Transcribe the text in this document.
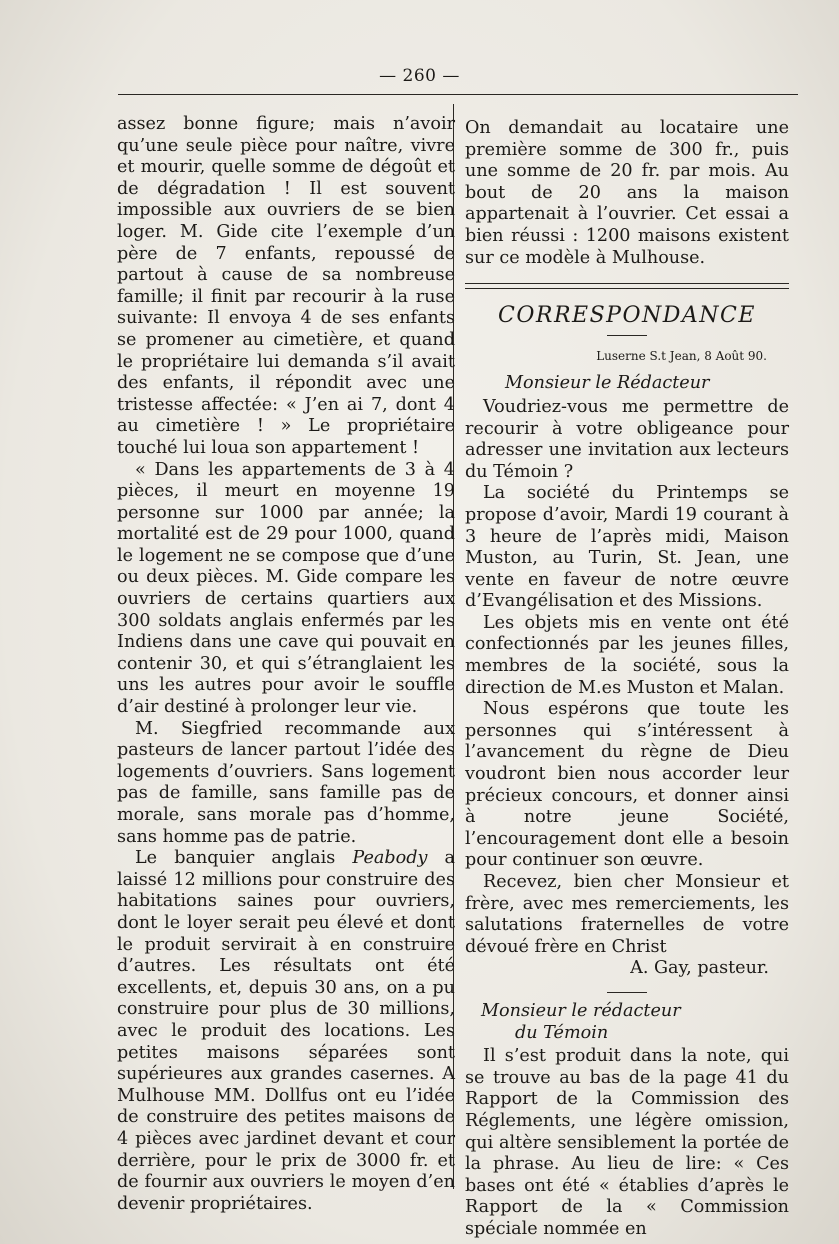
— 260 —

assez bonne figure; mais n’avoir qu’une seule pièce pour naître, vivre et mourir, quelle somme de dégoût et de dégradation ! Il est souvent impossible aux ouvriers de se bien loger. M. Gide cite l’exemple d’un père de 7 enfants, repoussé de partout à cause de sa nombreuse famille; il finit par recourir à la ruse suivante: Il envoya 4 de ses enfants se promener au cimetière, et quand le propriétaire lui demanda s’il avait des enfants, il répondit avec une tristesse affectée: « J’en ai 7, dont 4 au cimetière ! » Le propriétaire touché lui loua son appartement !

« Dans les appartements de 3 à 4 pièces, il meurt en moyenne 19 personne sur 1000 par année; la mortalité est de 29 pour 1000, quand le logement ne se compose que d’une ou deux pièces. M. Gide compare les ouvriers de certains quartiers aux 300 soldats anglais enfermés par les Indiens dans une cave qui pouvait en contenir 30, et qui s’étranglaient les uns les autres pour avoir le souffle d’air destiné à prolonger leur vie.

M. Siegfried recommande aux pasteurs de lancer partout l’idée des logements d’ouvriers. Sans logement pas de famille, sans famille pas de morale, sans morale pas d’homme, sans homme pas de patrie.

Le banquier anglais Peabody a laissé 12 millions pour construire des habitations saines pour ouvriers, dont le loyer serait peu élevé et dont le produit servirait à en construire d’autres. Les résultats ont été excellents, et, depuis 30 ans, on a pu construire pour plus de 30 millions, avec le produit des locations. Les petites maisons séparées sont supérieures aux grandes casernes. A Mulhouse MM. Dollfus ont eu l’idée de construire des petites maisons de 4 pièces avec jardinet devant et cour derrière, pour le prix de 3000 fr. et de fournir aux ouvriers le moyen d’en devenir propriétaires.

On demandait au locataire une première somme de 300 fr., puis une somme de 20 fr. par mois. Au bout de 20 ans la maison appartenait à l’ouvrier. Cet essai a bien réussi : 1200 maisons existent sur ce modèle à Mulhouse.

CORRESPONDANCE
Luserne S.t Jean, 8 Août 90.

Monsieur le Rédacteur

Voudriez-vous me permettre de recourir à votre obligeance pour adresser une invitation aux lecteurs du Témoin ?

La société du Printemps se propose d’avoir, Mardi 19 courant à 3 heure de l’après midi, Maison Muston, au Turin, St. Jean, une vente en faveur de notre œuvre d’Evangélisation et des Missions.

Les objets mis en vente ont été confectionnés par les jeunes filles, membres de la société, sous la direction de M.es Muston et Malan.

Nous espérons que toute les personnes qui s’intéressent à l’avancement du règne de Dieu voudront bien nous accorder leur précieux concours, et donner ainsi à notre jeune Société, l’encouragement dont elle a besoin pour continuer son œuvre.

Recevez, bien cher Monsieur et frère, avec mes remerciements, les salutations fraternelles de votre dévoué frère en Christ

A. Gay, pasteur.

Monsieur le rédacteur

du Témoin

Il s’est produit dans la note, qui se trouve au bas de la page 41 du Rapport de la Commission des Réglements, une légère omission, qui altère sensiblement la portée de la phrase. Au lieu de lire: « Ces bases ont été « établies d’après le Rapport de la « Commission spéciale nommée en
